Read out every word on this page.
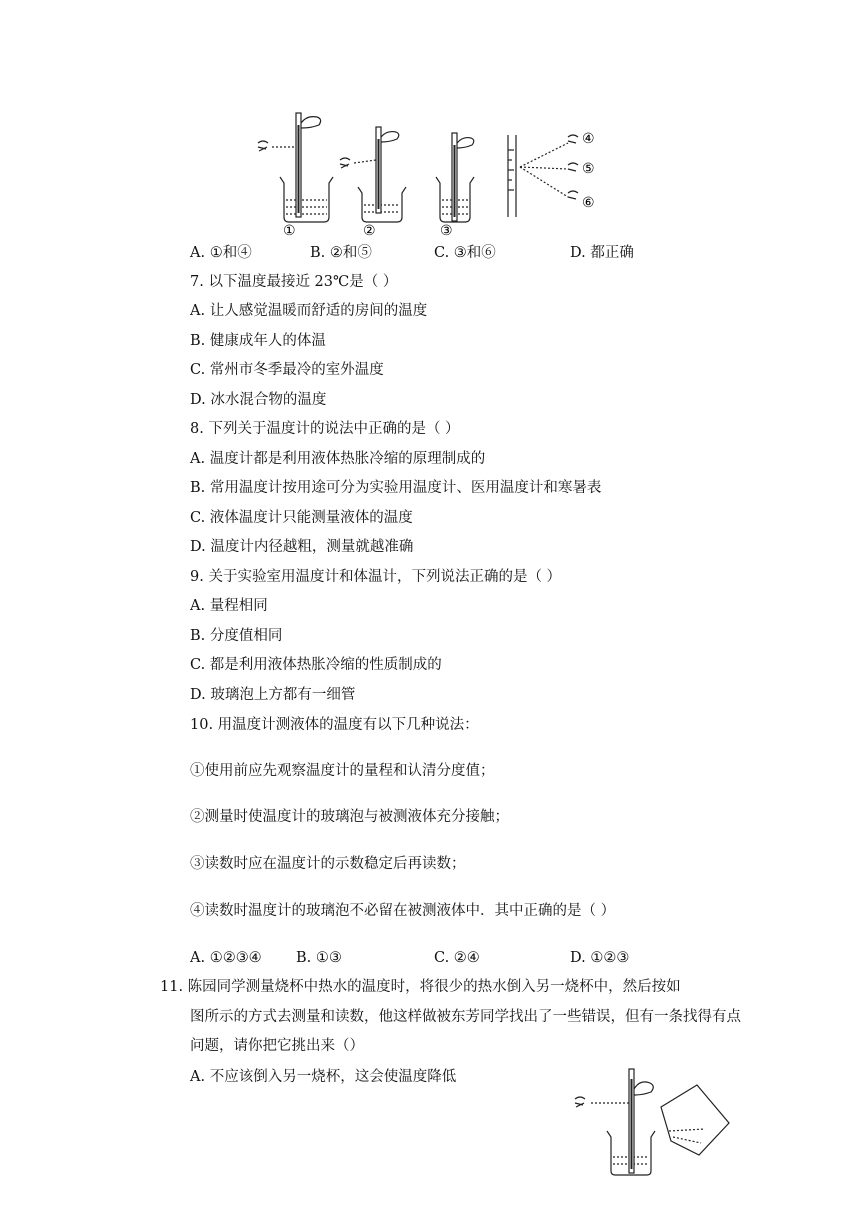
①	②	③
④
⑤
⑥
A. ①和④	B. ②和⑤	C. ③和⑥	D. 都正确
7. 以下温度最接近 23℃是（ ）
A. 让人感觉温暖而舒适的房间的温度
B. 健康成年人的体温
C. 常州市冬季最冷的室外温度
D. 冰水混合物的温度
8. 下列关于温度计的说法中正确的是（ ）
A. 温度计都是利用液体热胀冷缩的原理制成的
B. 常用温度计按用途可分为实验用温度计、医用温度计和寒暑表
C. 液体温度计只能测量液体的温度
D. 温度计内径越粗，测量就越准确
9. 关于实验室用温度计和体温计，下列说法正确的是（ ）
A. 量程相同
B. 分度值相同
C. 都是利用液体热胀冷缩的性质制成的
D. 玻璃泡上方都有一细管
10. 用温度计测液体的温度有以下几种说法：
①使用前应先观察温度计的量程和认清分度值；
②测量时使温度计的玻璃泡与被测液体充分接触；
③读数时应在温度计的示数稳定后再读数；
④读数时温度计的玻璃泡不必留在被测液体中．其中正确的是（ ）
A. ①②③④ B. ①③	C. ②④	D. ①②③
11. 陈园同学测量烧杯中热水的温度时，将很少的热水倒入另一烧杯中，然后按如
图所示的方式去测量和读数，他这样做被东芳同学找出了一些错误，但有一条找得有点
问题，请你把它挑出来（）
A. 不应该倒入另一烧杯，这会使温度降低
